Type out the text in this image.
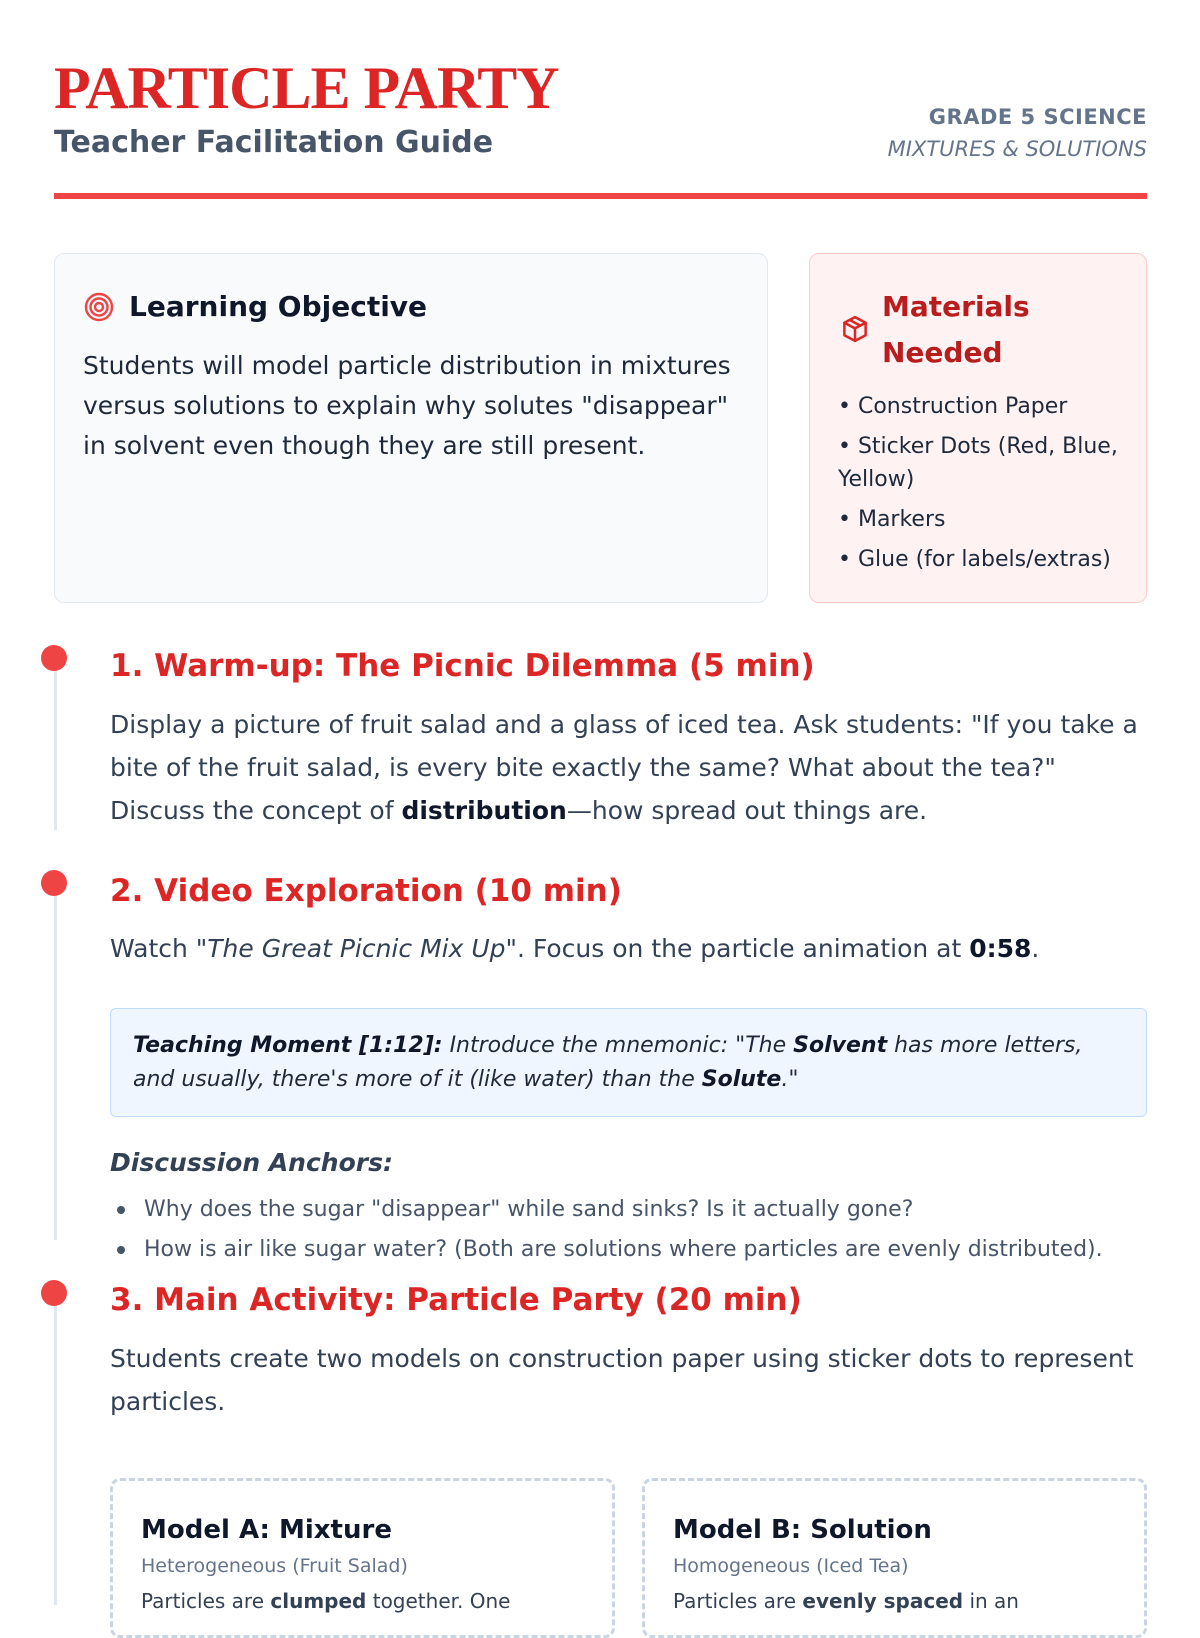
PARTICLE PARTY
Teacher Facilitation Guide
GRADE 5 SCIENCE
MIXTURES & SOLUTIONS
Learning Objective
Students will model particle distribution in mixtures versus solutions to explain why solutes "disappear" in solvent even though they are still present.
Materials Needed
• Construction Paper
• Sticker Dots (Red, Blue, Yellow)
• Markers
• Glue (for labels/extras)
1. Warm-up: The Picnic Dilemma (5 min)
Display a picture of fruit salad and a glass of iced tea. Ask students: "If you take a bite of the fruit salad, is every bite exactly the same? What about the tea?" Discuss the concept of distribution—how spread out things are.
2. Video Exploration (10 min)
Watch "The Great Picnic Mix Up". Focus on the particle animation at 0:58.
Teaching Moment [1:12]: Introduce the mnemonic: "The Solvent has more letters, and usually, there's more of it (like water) than the Solute."
Discussion Anchors:
Why does the sugar "disappear" while sand sinks? Is it actually gone?
How is air like sugar water? (Both are solutions where particles are evenly distributed).
3. Main Activity: Particle Party (20 min)
Students create two models on construction paper using sticker dots to represent particles.
Model A: Mixture
Heterogeneous (Fruit Salad)
Particles are clumped together. One
Model B: Solution
Homogeneous (Iced Tea)
Particles are evenly spaced in an
